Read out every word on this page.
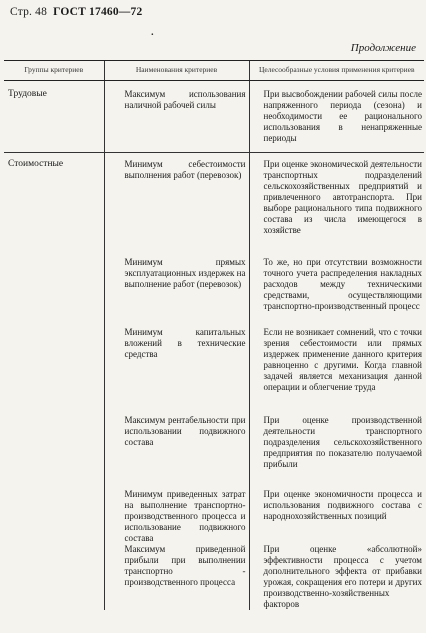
Стр. 48 ГОСТ 17460—72
·
Продолжение
Группы критериев	Наименования критериев	Целесообразные условия применения критериев
Трудовые	Максимум использования наличной рабочей силы	При высвобождении рабочей силы после напряженного периода (сезона) и необходимости ее рационального использования в ненапряженные периоды
Стоимостные	Минимум себестоимости выполнения работ (перевозок)	При оценке экономической деятельности транспортных подразделений сельскохозяйственных предприятий и привлеченного автотранспорта. При выборе рационального типа подвижного состава из числа имеющегося в хозяйстве
	Минимум прямых эксплуатационных издержек на выполнение работ (перевозок)	То же, но при отсутствии возможности точного учета распределения накладных расходов между техническими средствами, осуществляющими транспортно-производственный процесс
	Минимум капитальных вложений в технические средства	Если не возникает сомнений, что с точки зрения себестоимости или прямых издержек применение данного критерия равноценно с другими. Когда главной задачей является механизация данной операции и облегчение труда
	Максимум рентабельности при использовании подвижного состава	При оценке производственной деятельности транспортного подразделения сельскохозяйственного предприятия по показателю получаемой прибыли
	Минимум приведенных затрат на выполнение транспортно-производственного процесса и использование подвижного состава	При оценке экономичности процесса и использования подвижного состава с народнохозяйственных позиций
	Максимум приведенной прибыли при выполнении транспортно - производственного процесса	При оценке «абсолютной» эффективности процесса с учетом дополнительного эффекта от прибавки урожая, сокращения его потери и других производственно-хозяйственных факторов
